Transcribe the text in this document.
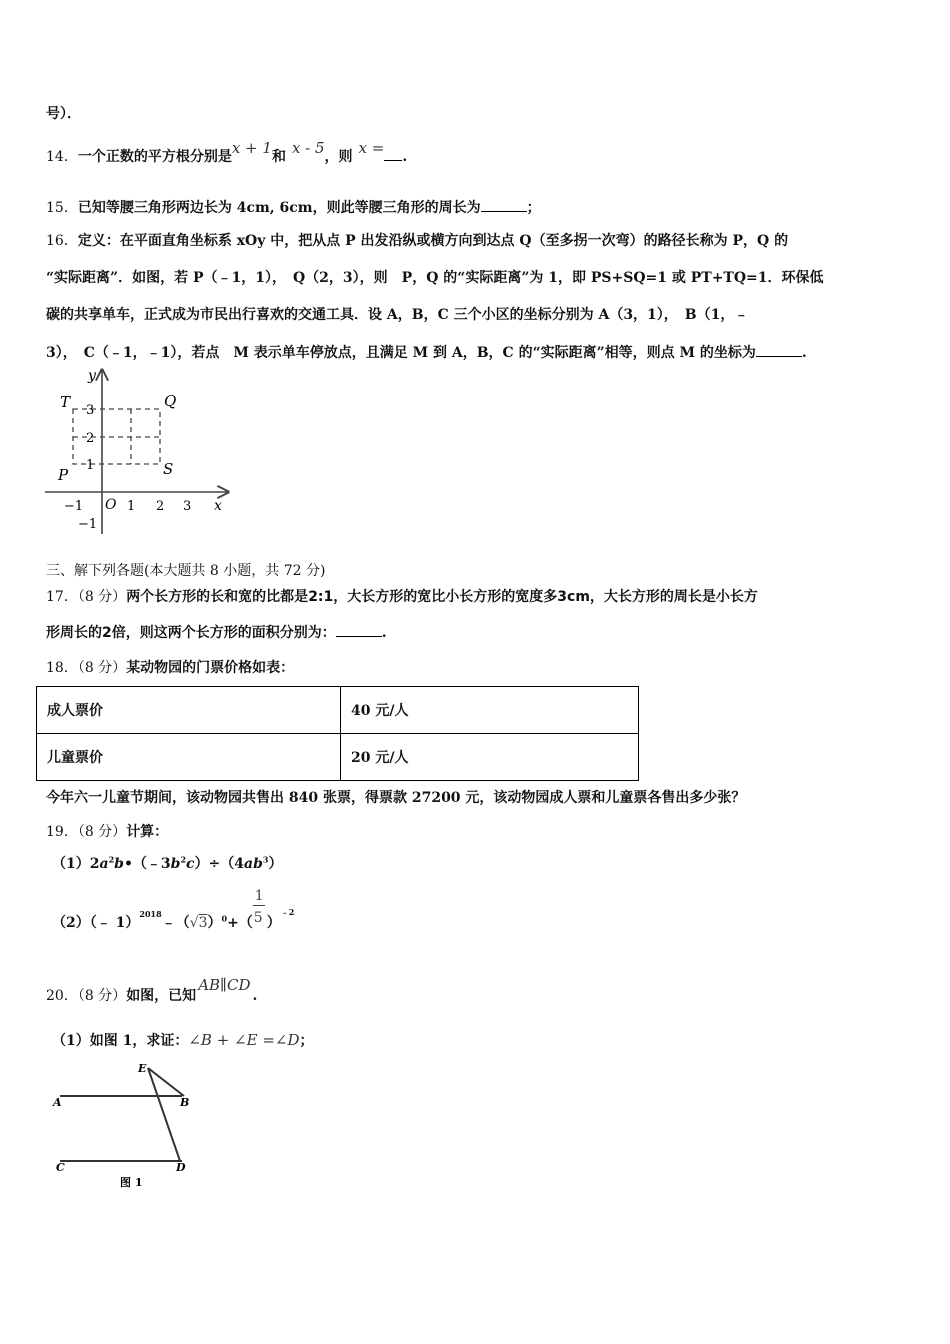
号）．
14．一个正数的平方根分别是x + 1和 x - 5，则 x = .
15．已知等腰三角形两边长为 4cm, 6cm，则此等腰三角形的周长为	；
16．定义：在平面直角坐标系 xOy 中，把从点 P 出发沿纵或横方向到达点 Q（至多拐一次弯）的路径长称为 P，Q 的
“实际距离”．如图，若 P（﹣1，1），　Q（2，3），则　P，Q 的“实际距离”为 1，即 PS+SQ=1 或 PT+TQ=1．环保低
碳的共享单车，正式成为市民出行喜欢的交通工具．设 A，B，C 三个小区的坐标分别为 A（3，1），　B（1，﹣
3），　C（﹣1，﹣1），若点　M 表示单车停放点，且满足 M 到 A，B，C 的“实际距离”相等，则点 M 的坐标为	.
y
x
O
T	Q
P	S
−1	1 2 3
3
2
1
−1
三、解下列各题(本大题共 8 小题，共 72 分)
17．（8 分）两个长方形的长和宽的比都是2:1，大长方形的宽比小长方形的宽度多3cm，大长方形的周长是小长方
形周长的2倍，则这两个长方形的面积分别为：	.
18．（8 分）某动物园的门票价格如表：
成人票价	40 元/人
儿童票价	20 元/人
今年六一儿童节期间，该动物园共售出 840 张票，得票款 27200 元，该动物园成人票和儿童票各售出多少张？
19．（8 分）计算：
$(1)2a^2b•(﹣3b^2c)\div(4ab^3)$
（2）（﹣ $1)^{2018}﹣(√3)^0+( \frac{1}{5} )^{﹣2}$
20．（8 分）如图，已知AB∥CD.
（1）如图 1，求证：∠B + ∠E =∠D；
E
A	B
C	D
图 1
